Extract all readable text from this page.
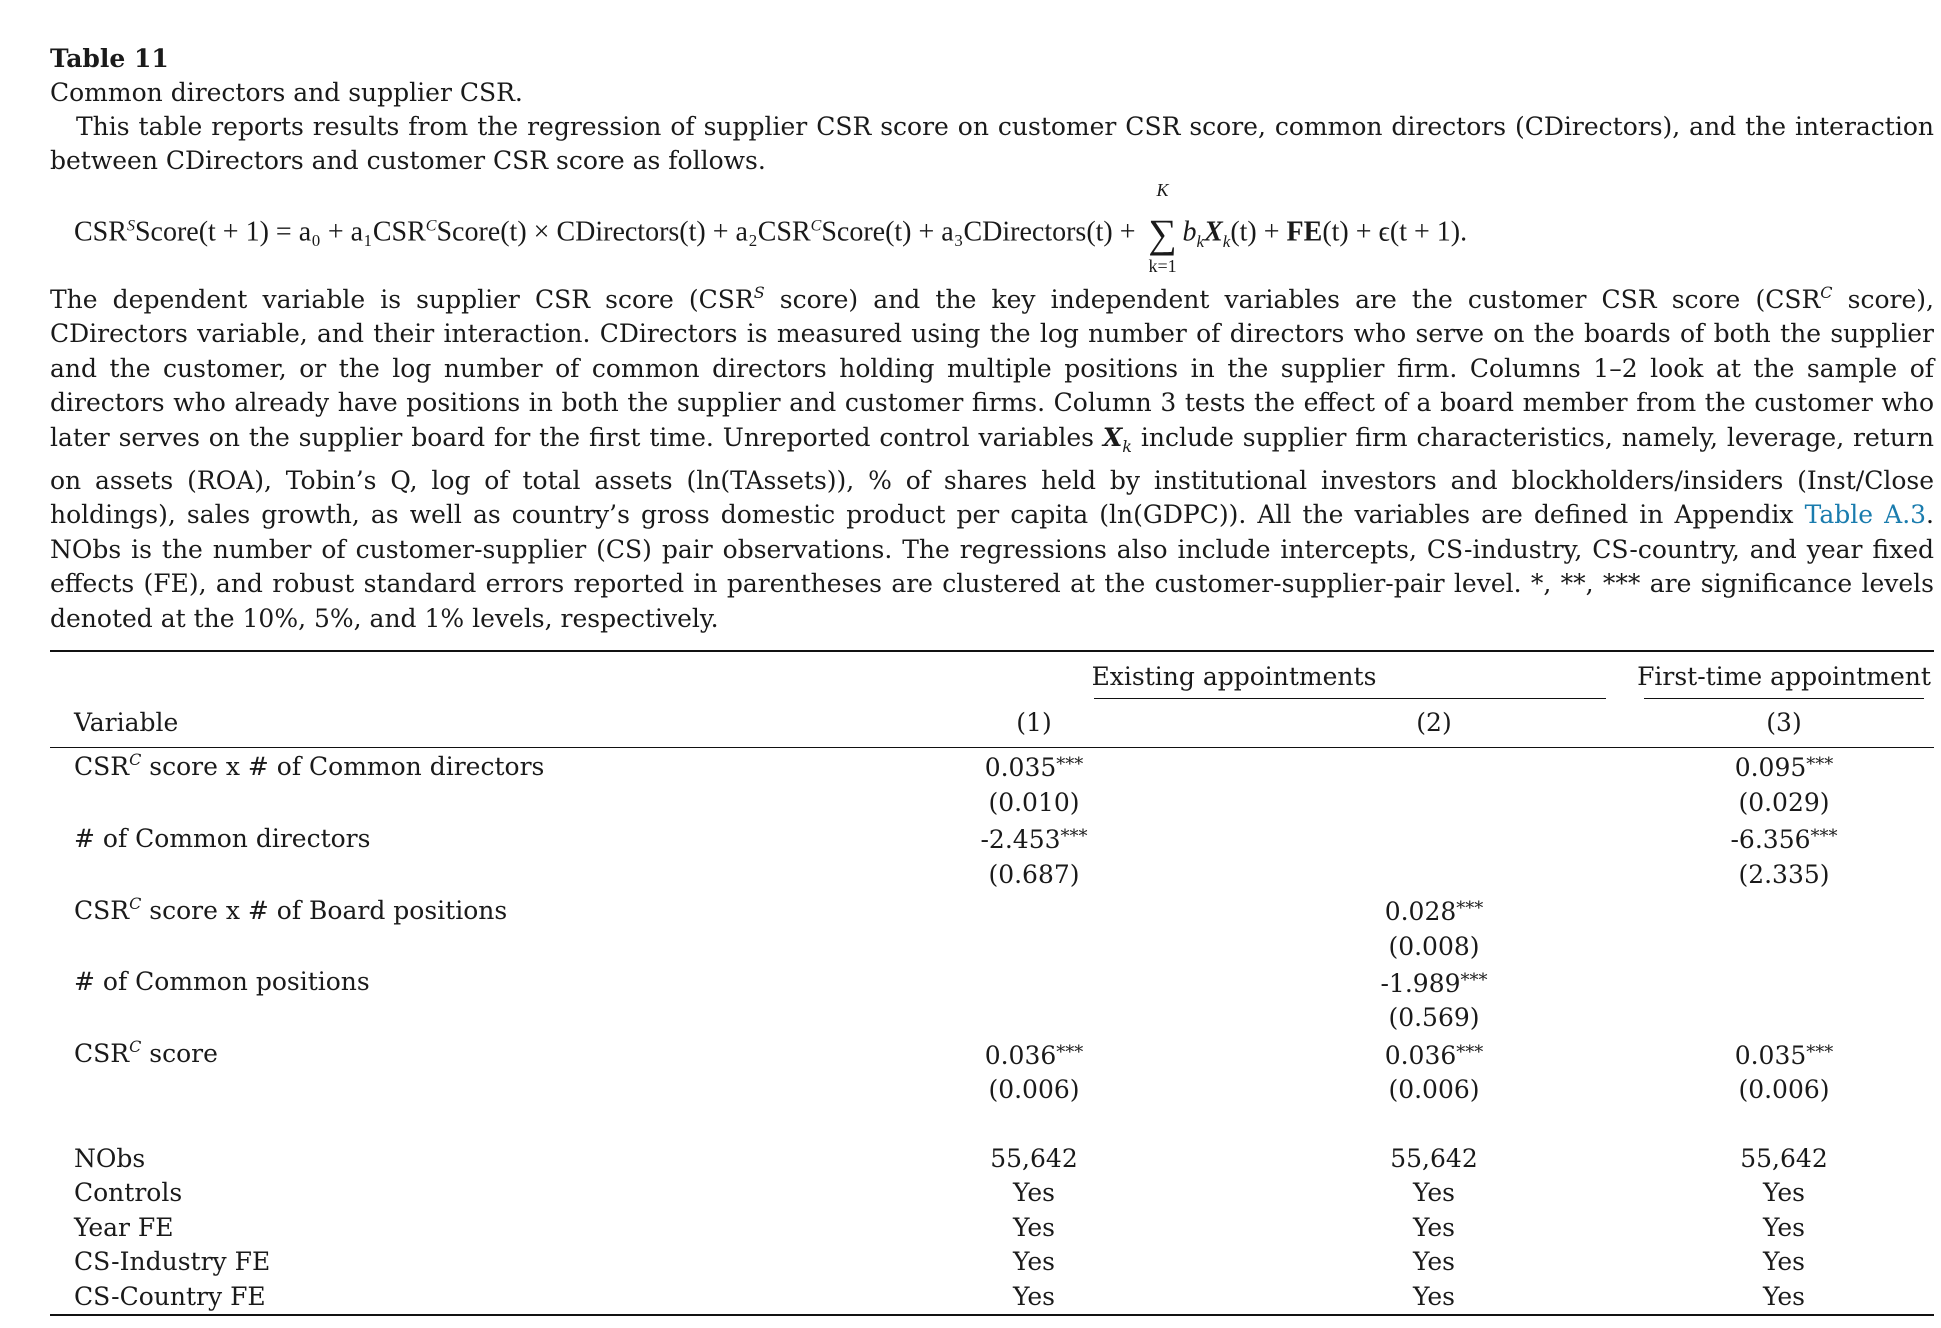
Table 11
Common directors and supplier CSR.
This table reports results from the regression of supplier CSR score on customer CSR score, common directors (CDirectors), and the interaction between CDirectors and customer CSR score as follows.
$CSR^SScore(t + 1) = a_0$ + $a_1CSR^CScore(t)$ × CDirectors(t) + $a_2CSR^CScore(t)$ + a₃CDirectors(t) +
K
∑
k=1
$b_kX_k(t) + FE(t) + \epsilon(t + 1)$.
The dependent variable is supplier CSR score ($CSR^S$ score) and the key independent variables are the customer CSR score ($CSR^C$ score), CDirectors variable, and their interaction. CDirectors is measured using the log number of directors who serve on the boards of both the supplier and the customer, or the log number of common directors holding multiple positions in the supplier firm. Columns 1–2 look at the sample of directors who already have positions in both the supplier and customer firms. Column 3 tests the effect of a board member from the customer who later serves on the supplier board for the first time. Unreported control variables $X_k$ include supplier firm characteristics, namely, leverage, return on assets (ROA), Tobin’s Q, log of total assets (ln(TAssets)), % of shares held by institutional investors and blockholders/insiders (Inst/Close holdings), sales growth, as well as country’s gross domestic product per capita (ln(GDPC)). All the variables are defined in Appendix Table A.3. NObs is the number of customer-supplier (CS) pair observations. The regressions also include intercepts, CS-industry, CS-country, and year fixed effects (FE), and robust standard errors reported in parentheses are clustered at the customer-supplier-pair level. *, **, *** are significance levels denoted at the 10%, 5%, and 1% levels, respectively.
	Existing appointments		First-time appointment

Variable	(1)	(2)	(3)
$CSR^C$ score x # of Common directors	0.035***		0.095***
	(0.010)		(0.029)
# of Common directors	-2.453***		-6.356***
	(0.687)		(2.335)
$CSR^C$ score x # of Board positions		0.028***	
		(0.008)	
# of Common positions		-1.989***	
		(0.569)	
$CSR^C$ score	0.036***	0.036***	0.035***
	(0.006)	(0.006)	(0.006)

NObs	55,642	55,642	55,642
Controls	Yes	Yes	Yes
Year FE	Yes	Yes	Yes
CS-Industry FE	Yes	Yes	Yes
CS-Country FE	Yes	Yes	Yes
